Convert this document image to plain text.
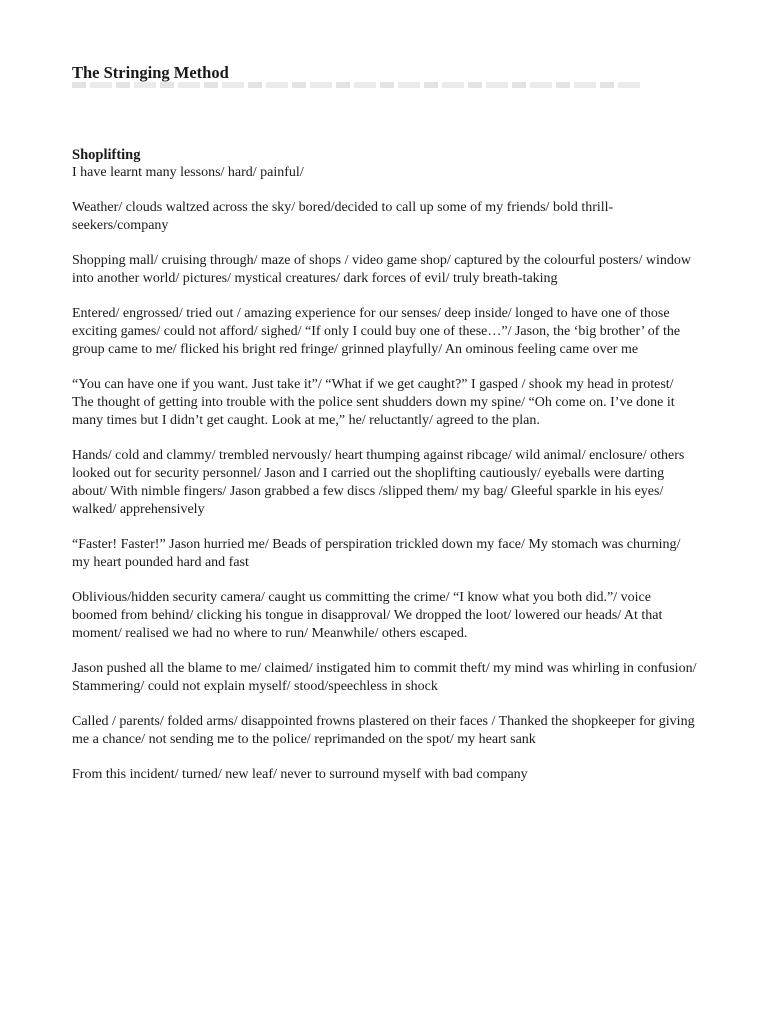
The Stringing Method
Shoplifting

I have learnt many lessons/ hard/ painful/

Weather/ clouds waltzed across the sky/ bored/decided to call up some of my friends/ bold thrill-seekers/company

Shopping mall/ cruising through/ maze of shops / video game shop/ captured by the colourful posters/ window into another world/ pictures/ mystical creatures/ dark forces of evil/ truly breath-taking

Entered/ engrossed/ tried out / amazing experience for our senses/ deep inside/ longed to have one of those exciting games/ could not afford/ sighed/ “If only I could buy one of these…”/ Jason, the ‘big brother’ of the group came to me/ flicked his bright red fringe/ grinned playfully/ An ominous feeling came over me

“You can have one if you want. Just take it”/ “What if we get caught?” I gasped / shook my head in protest/ The thought of getting into trouble with the police sent shudders down my spine/ “Oh come on. I’ve done it many times but I didn’t get caught. Look at me,” he/ reluctantly/ agreed to the plan.

Hands/ cold and clammy/ trembled nervously/ heart thumping against ribcage/ wild animal/ enclosure/ others looked out for security personnel/ Jason and I carried out the shoplifting cautiously/ eyeballs were darting about/ With nimble fingers/ Jason grabbed a few discs /slipped them/ my bag/ Gleeful sparkle in his eyes/ walked/ apprehensively

“Faster! Faster!” Jason hurried me/ Beads of perspiration trickled down my face/ My stomach was churning/ my heart pounded hard and fast

Oblivious/hidden security camera/ caught us committing the crime/ “I know what you both did.”/ voice boomed from behind/ clicking his tongue in disapproval/ We dropped the loot/ lowered our heads/ At that moment/ realised we had no where to run/ Meanwhile/ others escaped.

Jason pushed all the blame to me/ claimed/ instigated him to commit theft/ my mind was whirling in confusion/ Stammering/ could not explain myself/ stood/speechless in shock

Called / parents/ folded arms/ disappointed frowns plastered on their faces / Thanked the shopkeeper for giving me a chance/ not sending me to the police/ reprimanded on the spot/ my heart sank

From this incident/ turned/ new leaf/ never to surround myself with bad company
